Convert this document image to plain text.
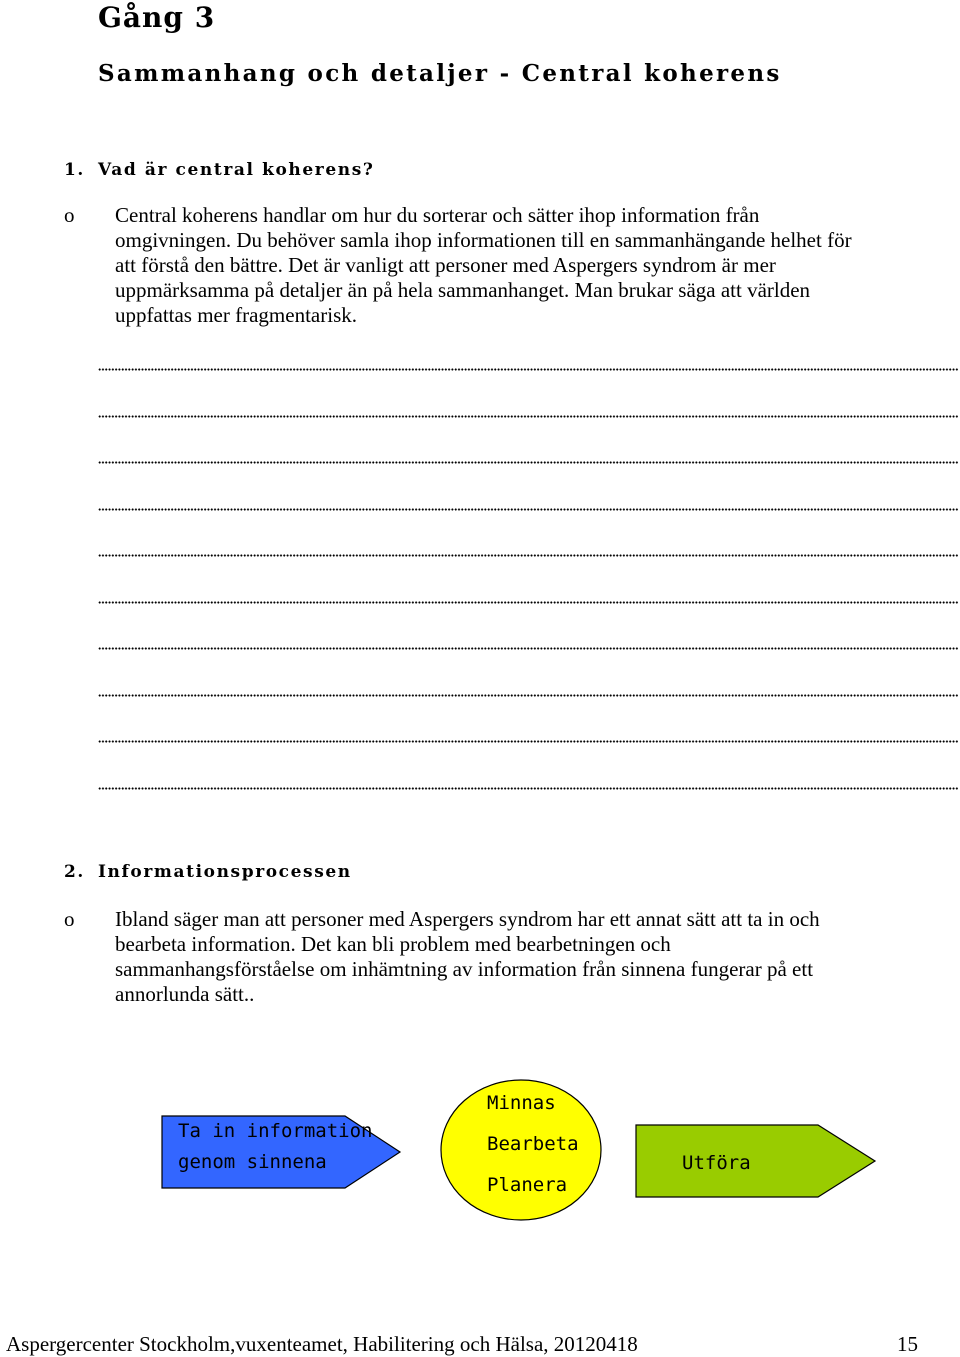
Gång 3
Sammanhang och detaljer - Central koherens
1. Vad är central koherens?
o Central koherens handlar om hur du sorterar och sätter ihop information från
omgivningen. Du behöver samla ihop informationen till en sammanhängande helhet för
att förstå den bättre. Det är vanligt att personer med Aspergers syndrom är mer
uppmärksamma på detaljer än på hela sammanhanget. Man brukar säga att världen
uppfattas mer fragmentarisk.
2. Informationsprocessen
o Ibland säger man att personer med Aspergers syndrom har ett annat sätt att ta in och
bearbeta information. Det kan bli problem med bearbetningen och
sammanhangsförståelse om inhämtning av information från sinnena fungerar på ett
annorlunda sätt..
Ta in information
genom sinnena
Minnas
Bearbeta
Planera
Utföra
Aspergercenter Stockholm,vuxenteamet, Habilitering och Hälsa, 20120418	15
